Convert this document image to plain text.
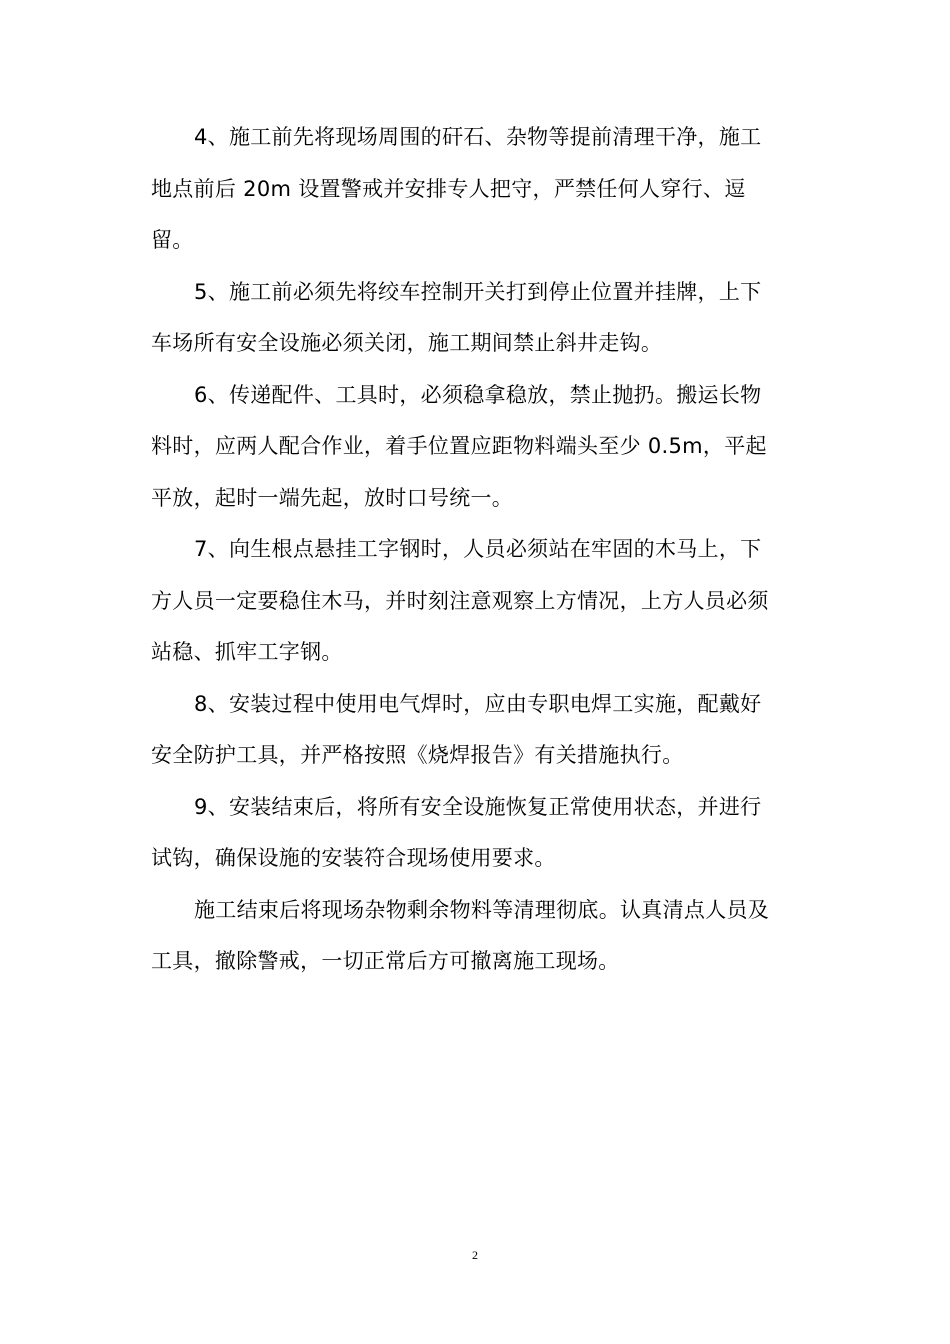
4、施工前先将现场周围的矸石、杂物等提前清理干净，施工
地点前后 20m 设置警戒并安排专人把守，严禁任何人穿行、逗
留。

5、施工前必须先将绞车控制开关打到停止位置并挂牌，上下
车场所有安全设施必须关闭，施工期间禁止斜井走钩。

6、传递配件、工具时，必须稳拿稳放，禁止抛扔。搬运长物
料时，应两人配合作业，着手位置应距物料端头至少 0.5m，平起
平放，起时一端先起，放时口号统一。

7、向生根点悬挂工字钢时，人员必须站在牢固的木马上，下
方人员一定要稳住木马，并时刻注意观察上方情况，上方人员必须
站稳、抓牢工字钢。

8、安装过程中使用电气焊时，应由专职电焊工实施，配戴好
安全防护工具，并严格按照《烧焊报告》有关措施执行。

9、安装结束后，将所有安全设施恢复正常使用状态，并进行
试钩，确保设施的安装符合现场使用要求。

施工结束后将现场杂物剩余物料等清理彻底。认真清点人员及
工具，撤除警戒，一切正常后方可撤离施工现场。

2
